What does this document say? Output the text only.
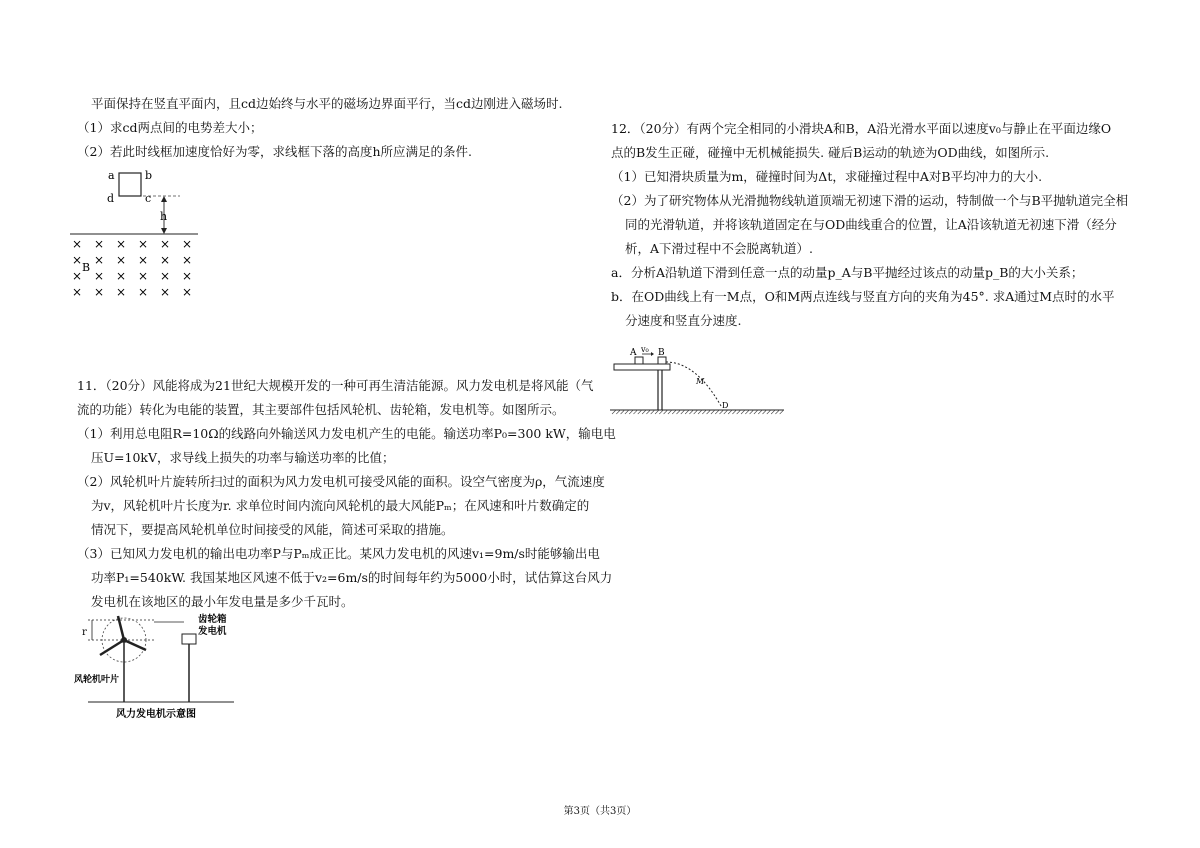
平面保持在竖直平面内，且cd边始终与水平的磁场边界面平行，当cd边刚进入磁场时.
（1）求cd两点间的电势差大小；
（2）若此时线框加速度恰好为零，求线框下落的高度h所应满足的条件.
a	b
d	c
h
× × × × × ×
× × × × × ×
× × × × × ×
× × × × × ×
B
11．（20分）风能将成为21世纪大规模开发的一种可再生清洁能源。风力发电机是将风能（气
流的功能）转化为电能的装置，其主要部件包括风轮机、齿轮箱，发电机等。如图所示。
（1）利用总电阻R=10Ω的线路向外输送风力发电机产生的电能。输送功率P₀=300 kW，输电电
压U=10kV，求导线上损失的功率与输送功率的比值；
（2）风轮机叶片旋转所扫过的面积为风力发电机可接受风能的面积。设空气密度为ρ，气流速度
为v，风轮机叶片长度为r. 求单位时间内流向风轮机的最大风能Pₘ；在风速和叶片数确定的
情况下，要提高风轮机单位时间接受的风能，简述可采取的措施。
（3）已知风力发电机的输出电功率P与Pₘ成正比。某风力发电机的风速v₁=9m/s时能够输出电
功率P₁=540kW. 我国某地区风速不低于v₂=6m/s的时间每年约为5000小时，试估算这台风力
发电机在该地区的最小年发电量是多少千瓦时。
r
齿轮箱
发电机
风轮机叶片
风力发电机示意图
12．（20分）有两个完全相同的小滑块A和B，A沿光滑水平面以速度v₀与静止在平面边缘O
点的B发生正碰，碰撞中无机械能损失. 碰后B运动的轨迹为OD曲线，如图所示.
（1）已知滑块质量为m，碰撞时间为Δt，求碰撞过程中A对B平均冲力的大小.
（2）为了研究物体从光滑抛物线轨道顶端无初速下滑的运动，特制做一个与B平抛轨道完全相
同的光滑轨道，并将该轨道固定在与OD曲线重合的位置，让A沿该轨道无初速下滑（经分
析，A下滑过程中不会脱离轨道）.
a．分析A沿轨道下滑到任意一点的动量p_A与B平抛经过该点的动量p_B的大小关系；
b．在OD曲线上有一M点，O和M两点连线与竖直方向的夹角为45°. 求A通过M点时的水平
分速度和竖直分速度.
A v₀ B
M
D
第3页（共3页）
